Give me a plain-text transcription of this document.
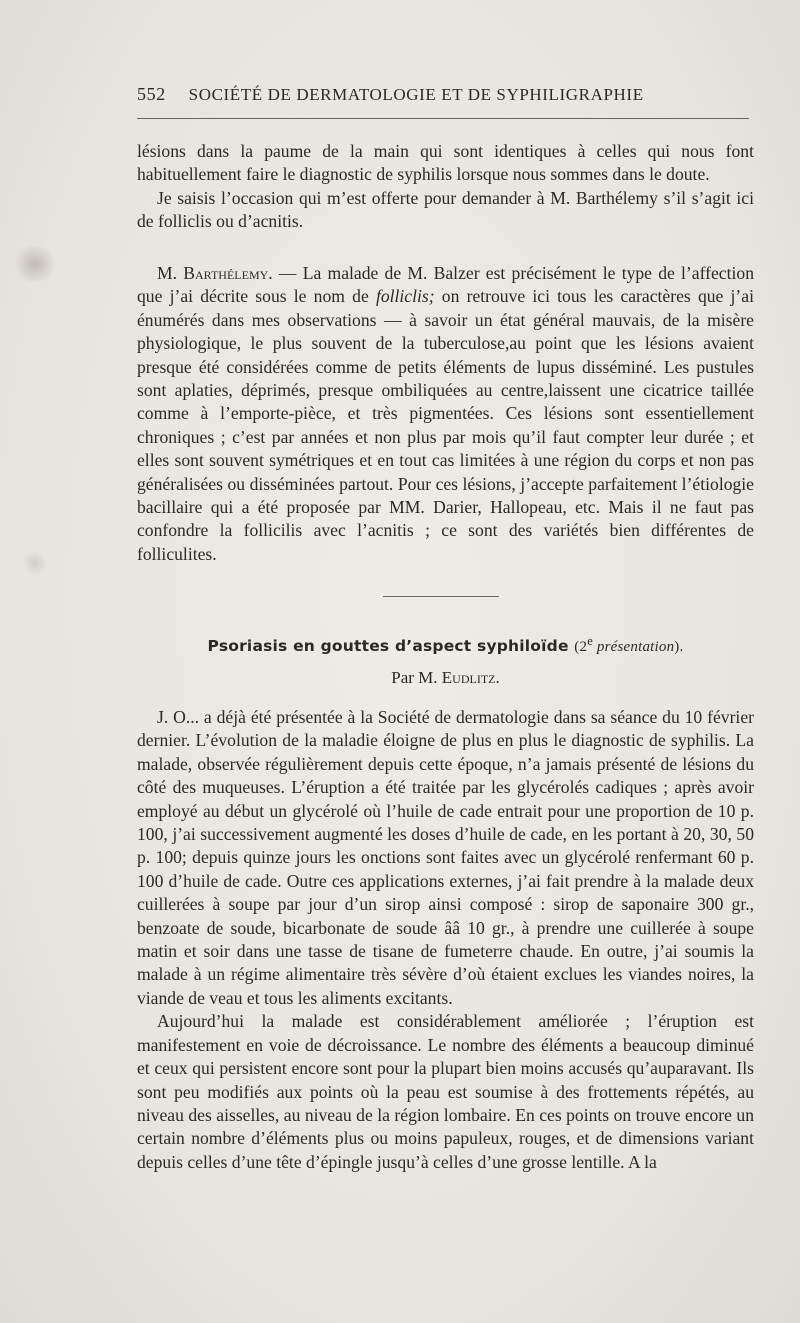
552 SOCIÉTÉ DE DERMATOLOGIE ET DE SYPHILIGRAPHIE

lésions dans la paume de la main qui sont identiques à celles qui nous font habituellement faire le diagnostic de syphilis lorsque nous sommes dans le doute.

Je saisis l’occasion qui m’est offerte pour demander à M. Barthélemy s’il s’agit ici de folliclis ou d’acnitis.

M. Barthélemy. — La malade de M. Balzer est précisément le type de l’affection que j’ai décrite sous le nom de folliclis; on retrouve ici tous les caractères que j’ai énumérés dans mes observations — à savoir un état général mauvais, de la misère physiologique, le plus souvent de la tuberculose,au point que les lésions avaient presque été considérées comme de petits éléments de lupus disséminé. Les pustules sont aplaties, déprimés, presque ombiliquées au centre,laissent une cicatrice taillée comme à l’emporte-pièce, et très pigmentées. Ces lésions sont essentiellement chroniques ; c’est par années et non plus par mois qu’il faut compter leur durée ; et elles sont souvent symétriques et en tout cas limitées à une région du corps et non pas généralisées ou disséminées partout. Pour ces lésions, j’accepte parfaitement l’étiologie bacillaire qui a été proposée par MM. Darier, Hallopeau, etc. Mais il ne faut pas confondre la follicilis avec l’acnitis ; ce sont des variétés bien différentes de folliculites.

Psoriasis en gouttes d’aspect syphiloïde (2e présentation).
Par M. Eudlitz.

J. O... a déjà été présentée à la Société de dermatologie dans sa séance du 10 février dernier. L’évolution de la maladie éloigne de plus en plus le diagnostic de syphilis. La malade, observée régulièrement depuis cette époque, n’a jamais présenté de lésions du côté des muqueuses. L’éruption a été traitée par les glycérolés cadiques ; après avoir employé au début un glycérolé où l’huile de cade entrait pour une proportion de 10 p. 100, j’ai successivement augmenté les doses d’huile de cade, en les portant à 20, 30, 50 p. 100; depuis quinze jours les onctions sont faites avec un glycérolé renfermant 60 p. 100 d’huile de cade. Outre ces applications externes, j’ai fait prendre à la malade deux cuillerées à soupe par jour d’un sirop ainsi composé : sirop de saponaire 300 gr., benzoate de soude, bicarbonate de soude ââ 10 gr., à prendre une cuillerée à soupe matin et soir dans une tasse de tisane de fumeterre chaude. En outre, j’ai soumis la malade à un régime alimentaire très sévère d’où étaient exclues les viandes noires, la viande de veau et tous les aliments excitants.

Aujourd’hui la malade est considérablement améliorée ; l’éruption est manifestement en voie de décroissance. Le nombre des éléments a beaucoup diminué et ceux qui persistent encore sont pour la plupart bien moins accusés qu’auparavant. Ils sont peu modifiés aux points où la peau est soumise à des frottements répétés, au niveau des aisselles, au niveau de la région lombaire. En ces points on trouve encore un certain nombre d’éléments plus ou moins papuleux, rouges, et de dimensions variant depuis celles d’une tête d’épingle jusqu’à celles d’une grosse lentille. A la
